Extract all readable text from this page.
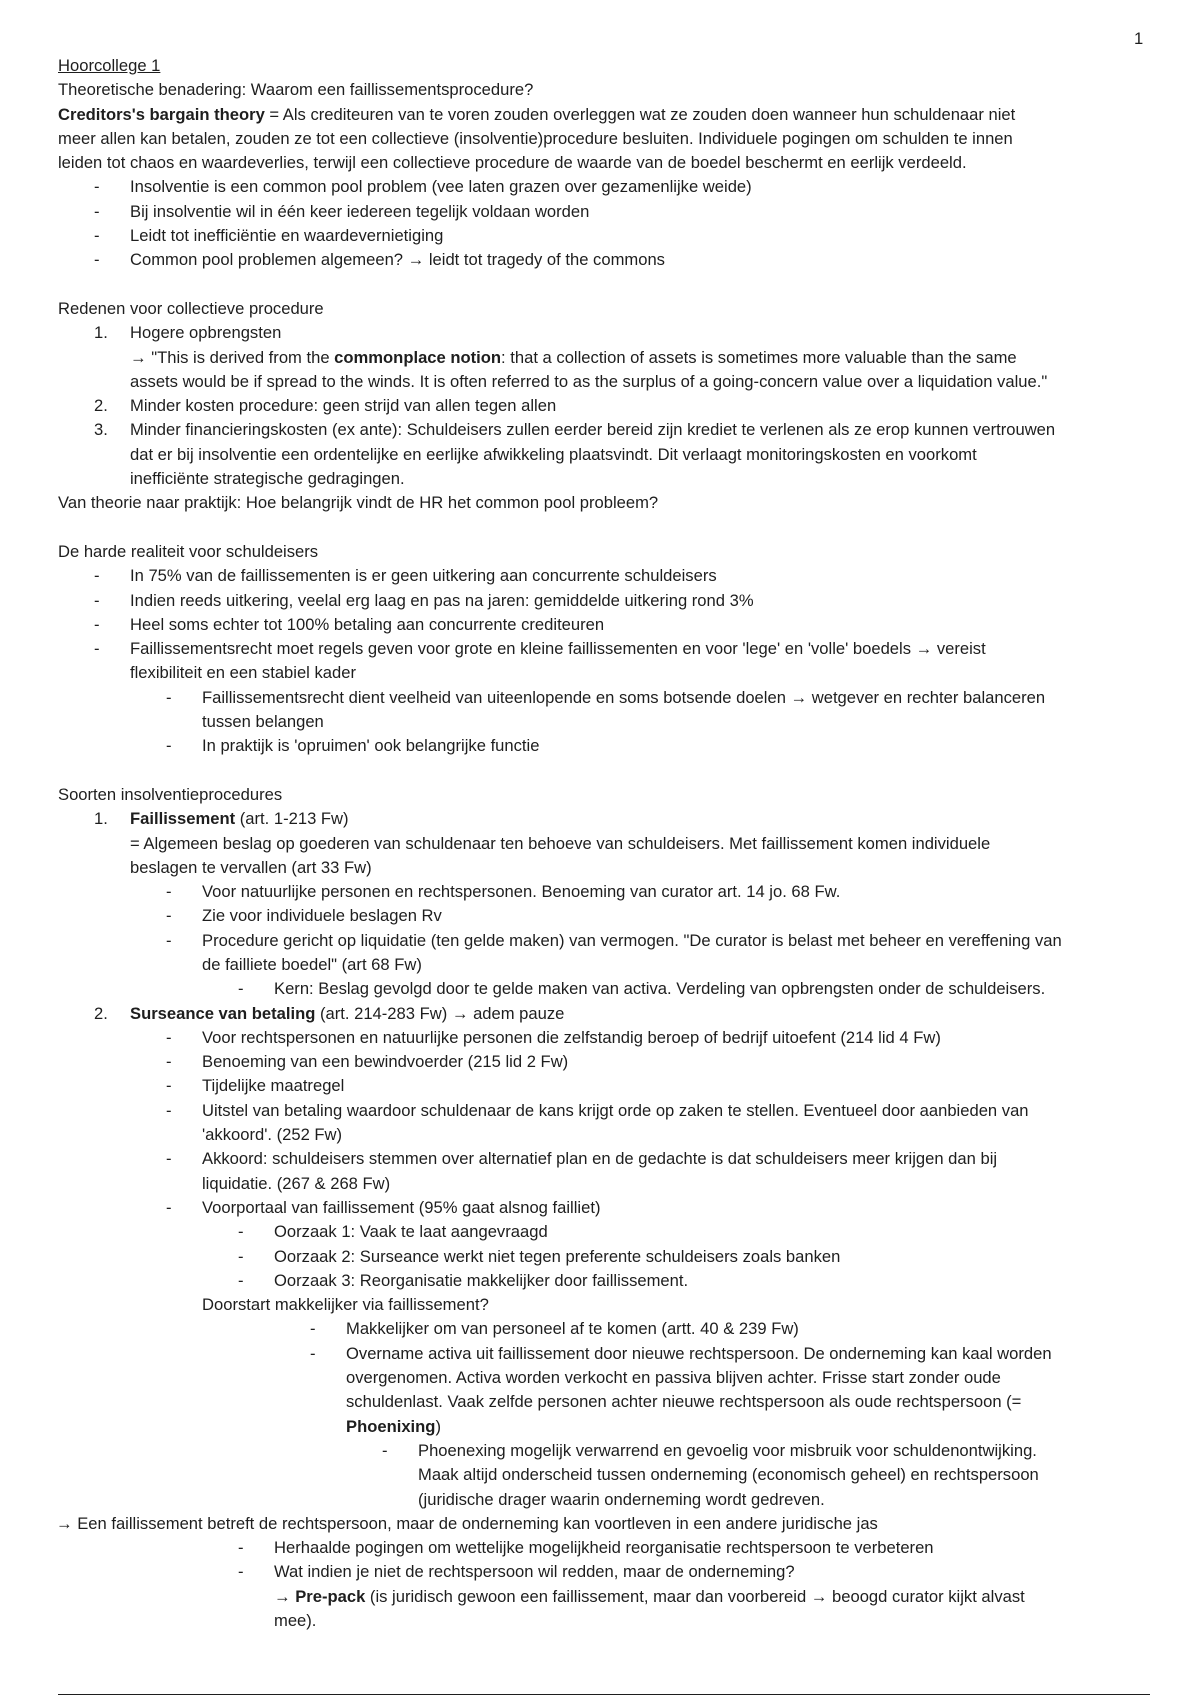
1
Hoorcollege 1
Theoretische benadering: Waarom een faillissementsprocedure?
Creditors's bargain theory = Als crediteuren van te voren zouden overleggen wat ze zouden doen wanneer hun schuldenaar niet
meer allen kan betalen, zouden ze tot een collectieve (insolventie)procedure besluiten. Individuele pogingen om schulden te innen
leiden tot chaos en waardeverlies, terwijl een collectieve procedure de waarde van de boedel beschermt en eerlijk verdeeld.
- Insolventie is een common pool problem (vee laten grazen over gezamenlijke weide)
- Bij insolventie wil in één keer iedereen tegelijk voldaan worden
- Leidt tot inefficiëntie en waardevernietiging
- Common pool problemen algemeen? → leidt tot tragedy of the commons
Redenen voor collectieve procedure
1. Hogere opbrengsten
→ "This is derived from the commonplace notion: that a collection of assets is sometimes more valuable than the same
assets would be if spread to the winds. It is often referred to as the surplus of a going-concern value over a liquidation value."
2. Minder kosten procedure: geen strijd van allen tegen allen
3. Minder financieringskosten (ex ante): Schuldeisers zullen eerder bereid zijn krediet te verlenen als ze erop kunnen vertrouwen
dat er bij insolventie een ordentelijke en eerlijke afwikkeling plaatsvindt. Dit verlaagt monitoringskosten en voorkomt
inefficiënte strategische gedragingen.
Van theorie naar praktijk: Hoe belangrijk vindt de HR het common pool probleem?
De harde realiteit voor schuldeisers
- In 75% van de faillissementen is er geen uitkering aan concurrente schuldeisers
- Indien reeds uitkering, veelal erg laag en pas na jaren: gemiddelde uitkering rond 3%
- Heel soms echter tot 100% betaling aan concurrente crediteuren
- Faillissementsrecht moet regels geven voor grote en kleine faillissementen en voor 'lege' en 'volle' boedels → vereist
flexibiliteit en een stabiel kader
- Faillissementsrecht dient veelheid van uiteenlopende en soms botsende doelen → wetgever en rechter balanceren
tussen belangen
- In praktijk is 'opruimen' ook belangrijke functie
Soorten insolventieprocedures
1. Faillissement (art. 1-213 Fw)
= Algemeen beslag op goederen van schuldenaar ten behoeve van schuldeisers. Met faillissement komen individuele
beslagen te vervallen (art 33 Fw)
- Voor natuurlijke personen en rechtspersonen. Benoeming van curator art. 14 jo. 68 Fw.
- Zie voor individuele beslagen Rv
- Procedure gericht op liquidatie (ten gelde maken) van vermogen. "De curator is belast met beheer en vereffening van
de failliete boedel" (art 68 Fw)
- Kern: Beslag gevolgd door te gelde maken van activa. Verdeling van opbrengsten onder de schuldeisers.
2. Surseance van betaling (art. 214-283 Fw) → adem pauze
- Voor rechtspersonen en natuurlijke personen die zelfstandig beroep of bedrijf uitoefent (214 lid 4 Fw)
- Benoeming van een bewindvoerder (215 lid 2 Fw)
- Tijdelijke maatregel
- Uitstel van betaling waardoor schuldenaar de kans krijgt orde op zaken te stellen. Eventueel door aanbieden van
'akkoord'. (252 Fw)
- Akkoord: schuldeisers stemmen over alternatief plan en de gedachte is dat schuldeisers meer krijgen dan bij
liquidatie. (267 & 268 Fw)
- Voorportaal van faillissement (95% gaat alsnog failliet)
- Oorzaak 1: Vaak te laat aangevraagd
- Oorzaak 2: Surseance werkt niet tegen preferente schuldeisers zoals banken
- Oorzaak 3: Reorganisatie makkelijker door faillissement.
Doorstart makkelijker via faillissement?
- Makkelijker om van personeel af te komen (artt. 40 & 239 Fw)
- Overname activa uit faillissement door nieuwe rechtspersoon. De onderneming kan kaal worden
overgenomen. Activa worden verkocht en passiva blijven achter. Frisse start zonder oude
schuldenlast. Vaak zelfde personen achter nieuwe rechtspersoon als oude rechtspersoon (=
Phoenixing)
- Phoenexing mogelijk verwarrend en gevoelig voor misbruik voor schuldenontwijking.
Maak altijd onderscheid tussen onderneming (economisch geheel) en rechtspersoon
(juridische drager waarin onderneming wordt gedreven.
→ Een faillissement betreft de rechtspersoon, maar de onderneming kan voortleven in een andere juridische jas
- Herhaalde pogingen om wettelijke mogelijkheid reorganisatie rechtspersoon te verbeteren
- Wat indien je niet de rechtspersoon wil redden, maar de onderneming?
→ Pre-pack (is juridisch gewoon een faillissement, maar dan voorbereid → beoogd curator kijkt alvast
mee).
